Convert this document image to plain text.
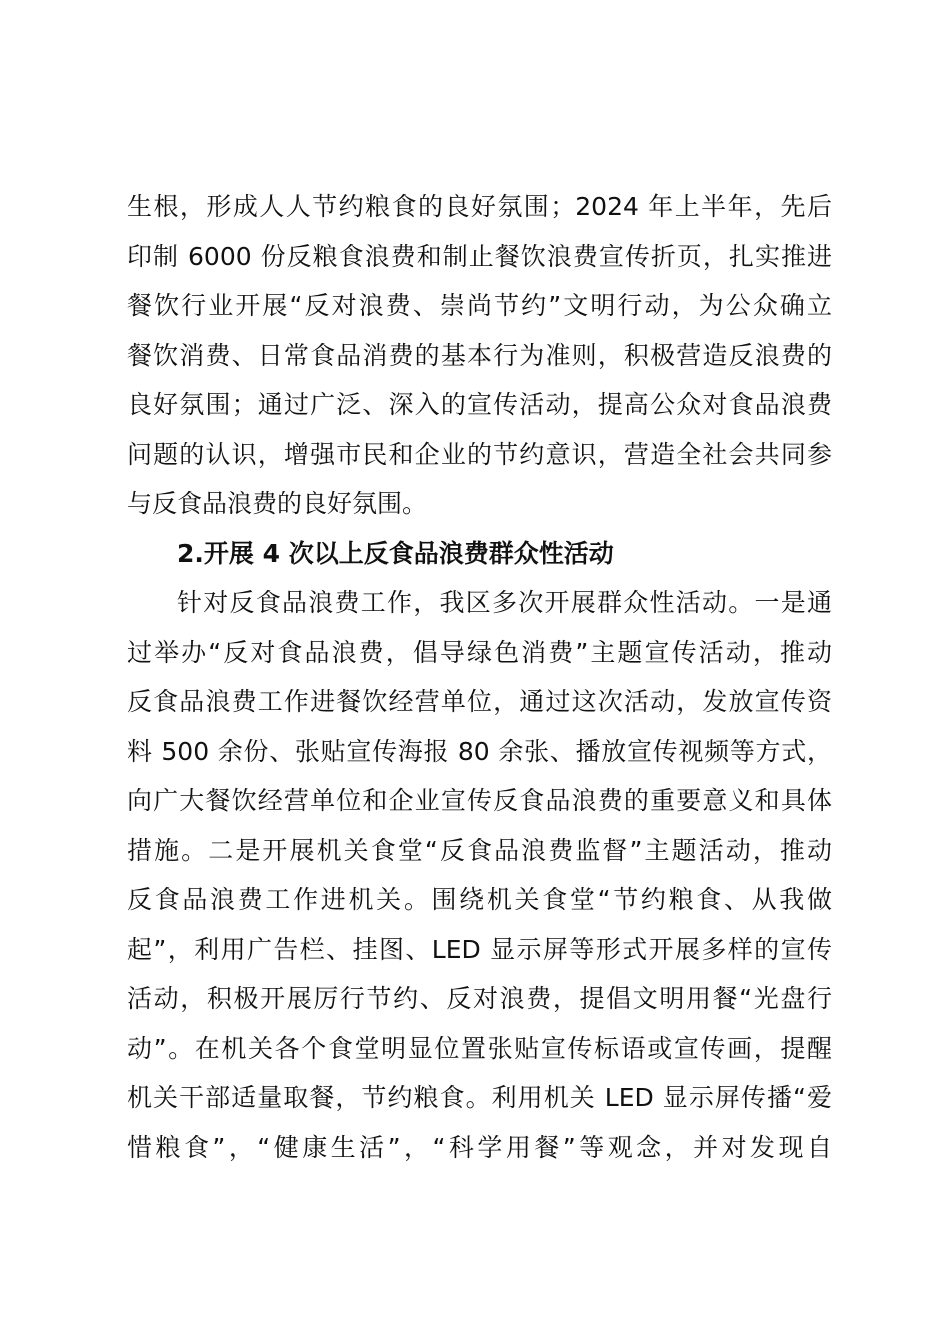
生根，形成人人节约粮食的良好氛围；2024 年上半年，先后
印制 6000 份反粮食浪费和制止餐饮浪费宣传折页，扎实推进
餐饮行业开展“反对浪费、崇尚节约”文明行动，为公众确立
餐饮消费、日常食品消费的基本行为准则，积极营造反浪费的
良好氛围；通过广泛、深入的宣传活动，提高公众对食品浪费
问题的认识，增强市民和企业的节约意识，营造全社会共同参
与反食品浪费的良好氛围。
2.开展 4 次以上反食品浪费群众性活动
针对反食品浪费工作，我区多次开展群众性活动。一是通
过举办“反对食品浪费，倡导绿色消费”主题宣传活动，推动
反食品浪费工作进餐饮经营单位，通过这次活动，发放宣传资
料 500 余份、张贴宣传海报 80 余张、播放宣传视频等方式，
向广大餐饮经营单位和企业宣传反食品浪费的重要意义和具体
措施。二是开展机关食堂“反食品浪费监督”主题活动，推动
反食品浪费工作进机关。围绕机关食堂“节约粮食、从我做
起”，利用广告栏、挂图、LED 显示屏等形式开展多样的宣传
活动，积极开展厉行节约、反对浪费，提倡文明用餐“光盘行
动”。在机关各个食堂明显位置张贴宣传标语或宣传画，提醒
机关干部适量取餐，节约粮食。利用机关 LED 显示屏传播“爱
惜粮食”，“健康生活”，“科学用餐”等观念，并对发现自
